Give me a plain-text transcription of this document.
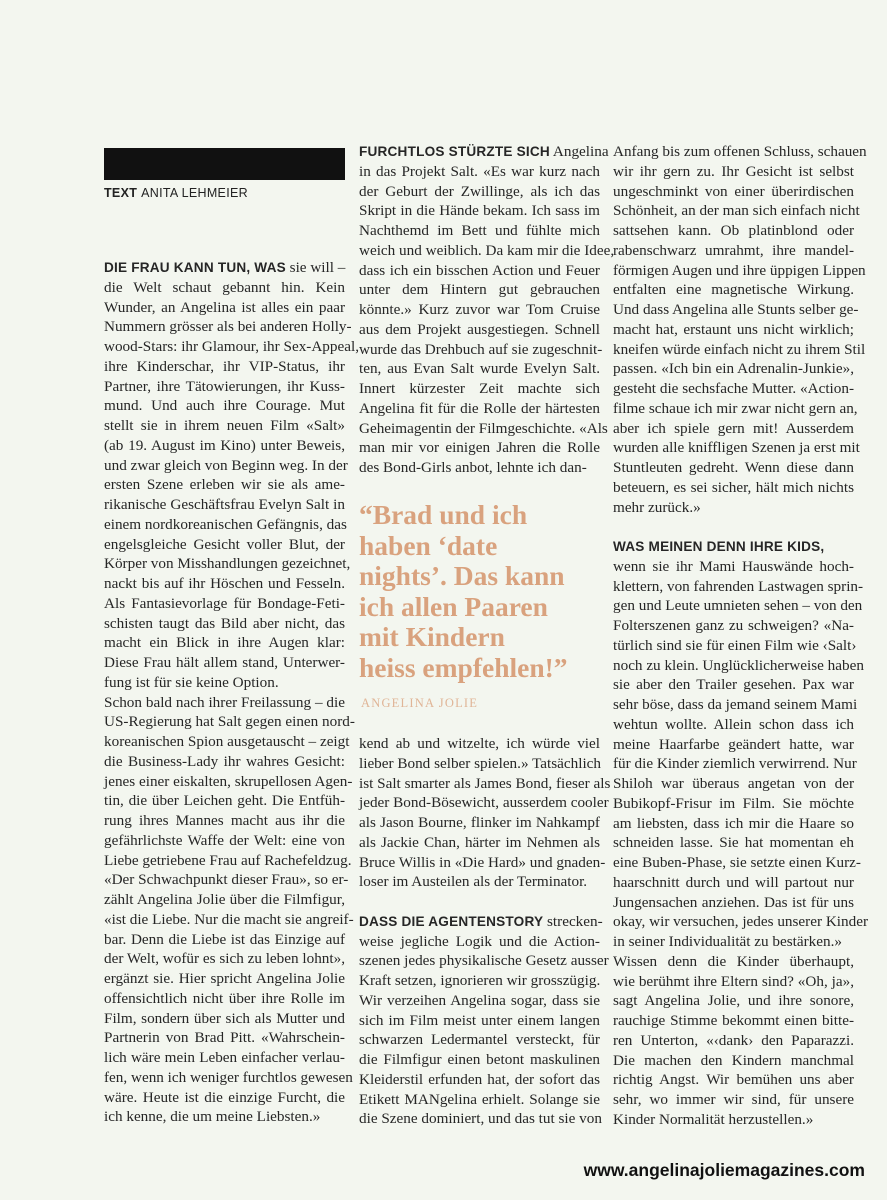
TEXT ANITA LEHMEIER
DIE FRAU KANN TUN, WAS sie will –
die Welt schaut gebannt hin. Kein
Wunder, an Angelina ist alles ein paar
Nummern grösser als bei anderen Holly-
wood-Stars: ihr Glamour, ihr Sex-Appeal,
ihre Kinderschar, ihr VIP-Status, ihr
Partner, ihre Tätowierungen, ihr Kuss-
mund. Und auch ihre Courage. Mut
stellt sie in ihrem neuen Film «Salt»
(ab 19. August im Kino) unter Beweis,
und zwar gleich von Beginn weg. In der
ersten Szene erleben wir sie als ame-
rikanische Geschäftsfrau Evelyn Salt in
einem nordkoreanischen Gefängnis, das
engelsgleiche Gesicht voller Blut, der
Körper von Misshandlungen gezeichnet,
nackt bis auf ihr Höschen und Fesseln.
Als Fantasievorlage für Bondage-Feti-
schisten taugt das Bild aber nicht, das
macht ein Blick in ihre Augen klar:
Diese Frau hält allem stand, Unterwer-
fung ist für sie keine Option.
Schon bald nach ihrer Freilassung – die
US-Regierung hat Salt gegen einen nord-
koreanischen Spion ausgetauscht – zeigt
die Business-Lady ihr wahres Gesicht:
jenes einer eiskalten, skrupellosen Agen-
tin, die über Leichen geht. Die Entfüh-
rung ihres Mannes macht aus ihr die
gefährlichste Waffe der Welt: eine von
Liebe getriebene Frau auf Rachefeldzug.
«Der Schwachpunkt dieser Frau», so er-
zählt Angelina Jolie über die Filmfigur,
«ist die Liebe. Nur die macht sie angreif-
bar. Denn die Liebe ist das Einzige auf
der Welt, wofür es sich zu leben lohnt»,
ergänzt sie. Hier spricht Angelina Jolie
offensichtlich nicht über ihre Rolle im
Film, sondern über sich als Mutter und
Partnerin von Brad Pitt. «Wahrschein-
lich wäre mein Leben einfacher verlau-
fen, wenn ich weniger furchtlos gewesen
wäre. Heute ist die einzige Furcht, die
ich kenne, die um meine Liebsten.»
FURCHTLOS STÜRZTE SICH Angelina
in das Projekt Salt. «Es war kurz nach
der Geburt der Zwillinge, als ich das
Skript in die Hände bekam. Ich sass im
Nachthemd im Bett und fühlte mich
weich und weiblich. Da kam mir die Idee,
dass ich ein bisschen Action und Feuer
unter dem Hintern gut gebrauchen
könnte.» Kurz zuvor war Tom Cruise
aus dem Projekt ausgestiegen. Schnell
wurde das Drehbuch auf sie zugeschnit-
ten, aus Evan Salt wurde Evelyn Salt.
Innert kürzester Zeit machte sich
Angelina fit für die Rolle der härtesten
Geheimagentin der Filmgeschichte. «Als
man mir vor einigen Jahren die Rolle
des Bond-Girls anbot, lehnte ich dan-
“Brad und ich
haben ‘date
nights’. Das kann
ich allen Paaren
mit Kindern
heiss empfehlen!”
ANGELINA JOLIE
kend ab und witzelte, ich würde viel
lieber Bond selber spielen.» Tatsächlich
ist Salt smarter als James Bond, fieser als
jeder Bond-Bösewicht, ausserdem cooler
als Jason Bourne, flinker im Nahkampf
als Jackie Chan, härter im Nehmen als
Bruce Willis in «Die Hard» und gnaden-
loser im Austeilen als der Terminator.
DASS DIE AGENTENSTORY strecken-
weise jegliche Logik und die Action-
szenen jedes physikalische Gesetz ausser
Kraft setzen, ignorieren wir grosszügig.
Wir verzeihen Angelina sogar, dass sie
sich im Film meist unter einem langen
schwarzen Ledermantel versteckt, für
die Filmfigur einen betont maskulinen
Kleiderstil erfunden hat, der sofort das
Etikett MANgelina erhielt. Solange sie
die Szene dominiert, und das tut sie von
Anfang bis zum offenen Schluss, schauen
wir ihr gern zu. Ihr Gesicht ist selbst
ungeschminkt von einer überirdischen
Schönheit, an der man sich einfach nicht
sattsehen kann. Ob platinblond oder
rabenschwarz umrahmt, ihre mandel-
förmigen Augen und ihre üppigen Lippen
entfalten eine magnetische Wirkung.
Und dass Angelina alle Stunts selber ge-
macht hat, erstaunt uns nicht wirklich;
kneifen würde einfach nicht zu ihrem Stil
passen. «Ich bin ein Adrenalin-Junkie»,
gesteht die sechsfache Mutter. «Action-
filme schaue ich mir zwar nicht gern an,
aber ich spiele gern mit! Ausserdem
wurden alle kniffligen Szenen ja erst mit
Stuntleuten gedreht. Wenn diese dann
beteuern, es sei sicher, hält mich nichts
mehr zurück.»
WAS MEINEN DENN IHRE KIDS,
wenn sie ihr Mami Hauswände hoch-
klettern, von fahrenden Lastwagen sprin-
gen und Leute umnieten sehen – von den
Folterszenen ganz zu schweigen? «Na-
türlich sind sie für einen Film wie ‹Salt›
noch zu klein. Unglücklicherweise haben
sie aber den Trailer gesehen. Pax war
sehr böse, dass da jemand seinem Mami
wehtun wollte. Allein schon dass ich
meine Haarfarbe geändert hatte, war
für die Kinder ziemlich verwirrend. Nur
Shiloh war überaus angetan von der
Bubikopf-Frisur im Film. Sie möchte
am liebsten, dass ich mir die Haare so
schneiden lasse. Sie hat momentan eh
eine Buben-Phase, sie setzte einen Kurz-
haarschnitt durch und will partout nur
Jungensachen anziehen. Das ist für uns
okay, wir versuchen, jedes unserer Kinder
in seiner Individualität zu bestärken.»
Wissen denn die Kinder überhaupt,
wie berühmt ihre Eltern sind? «Oh, ja»,
sagt Angelina Jolie, und ihre sonore,
rauchige Stimme bekommt einen bitte-
ren Unterton, «‹dank› den Paparazzi.
Die machen den Kindern manchmal
richtig Angst. Wir bemühen uns aber
sehr, wo immer wir sind, für unsere
Kinder Normalität herzustellen.»
www.angelinajoliemagazines.com
